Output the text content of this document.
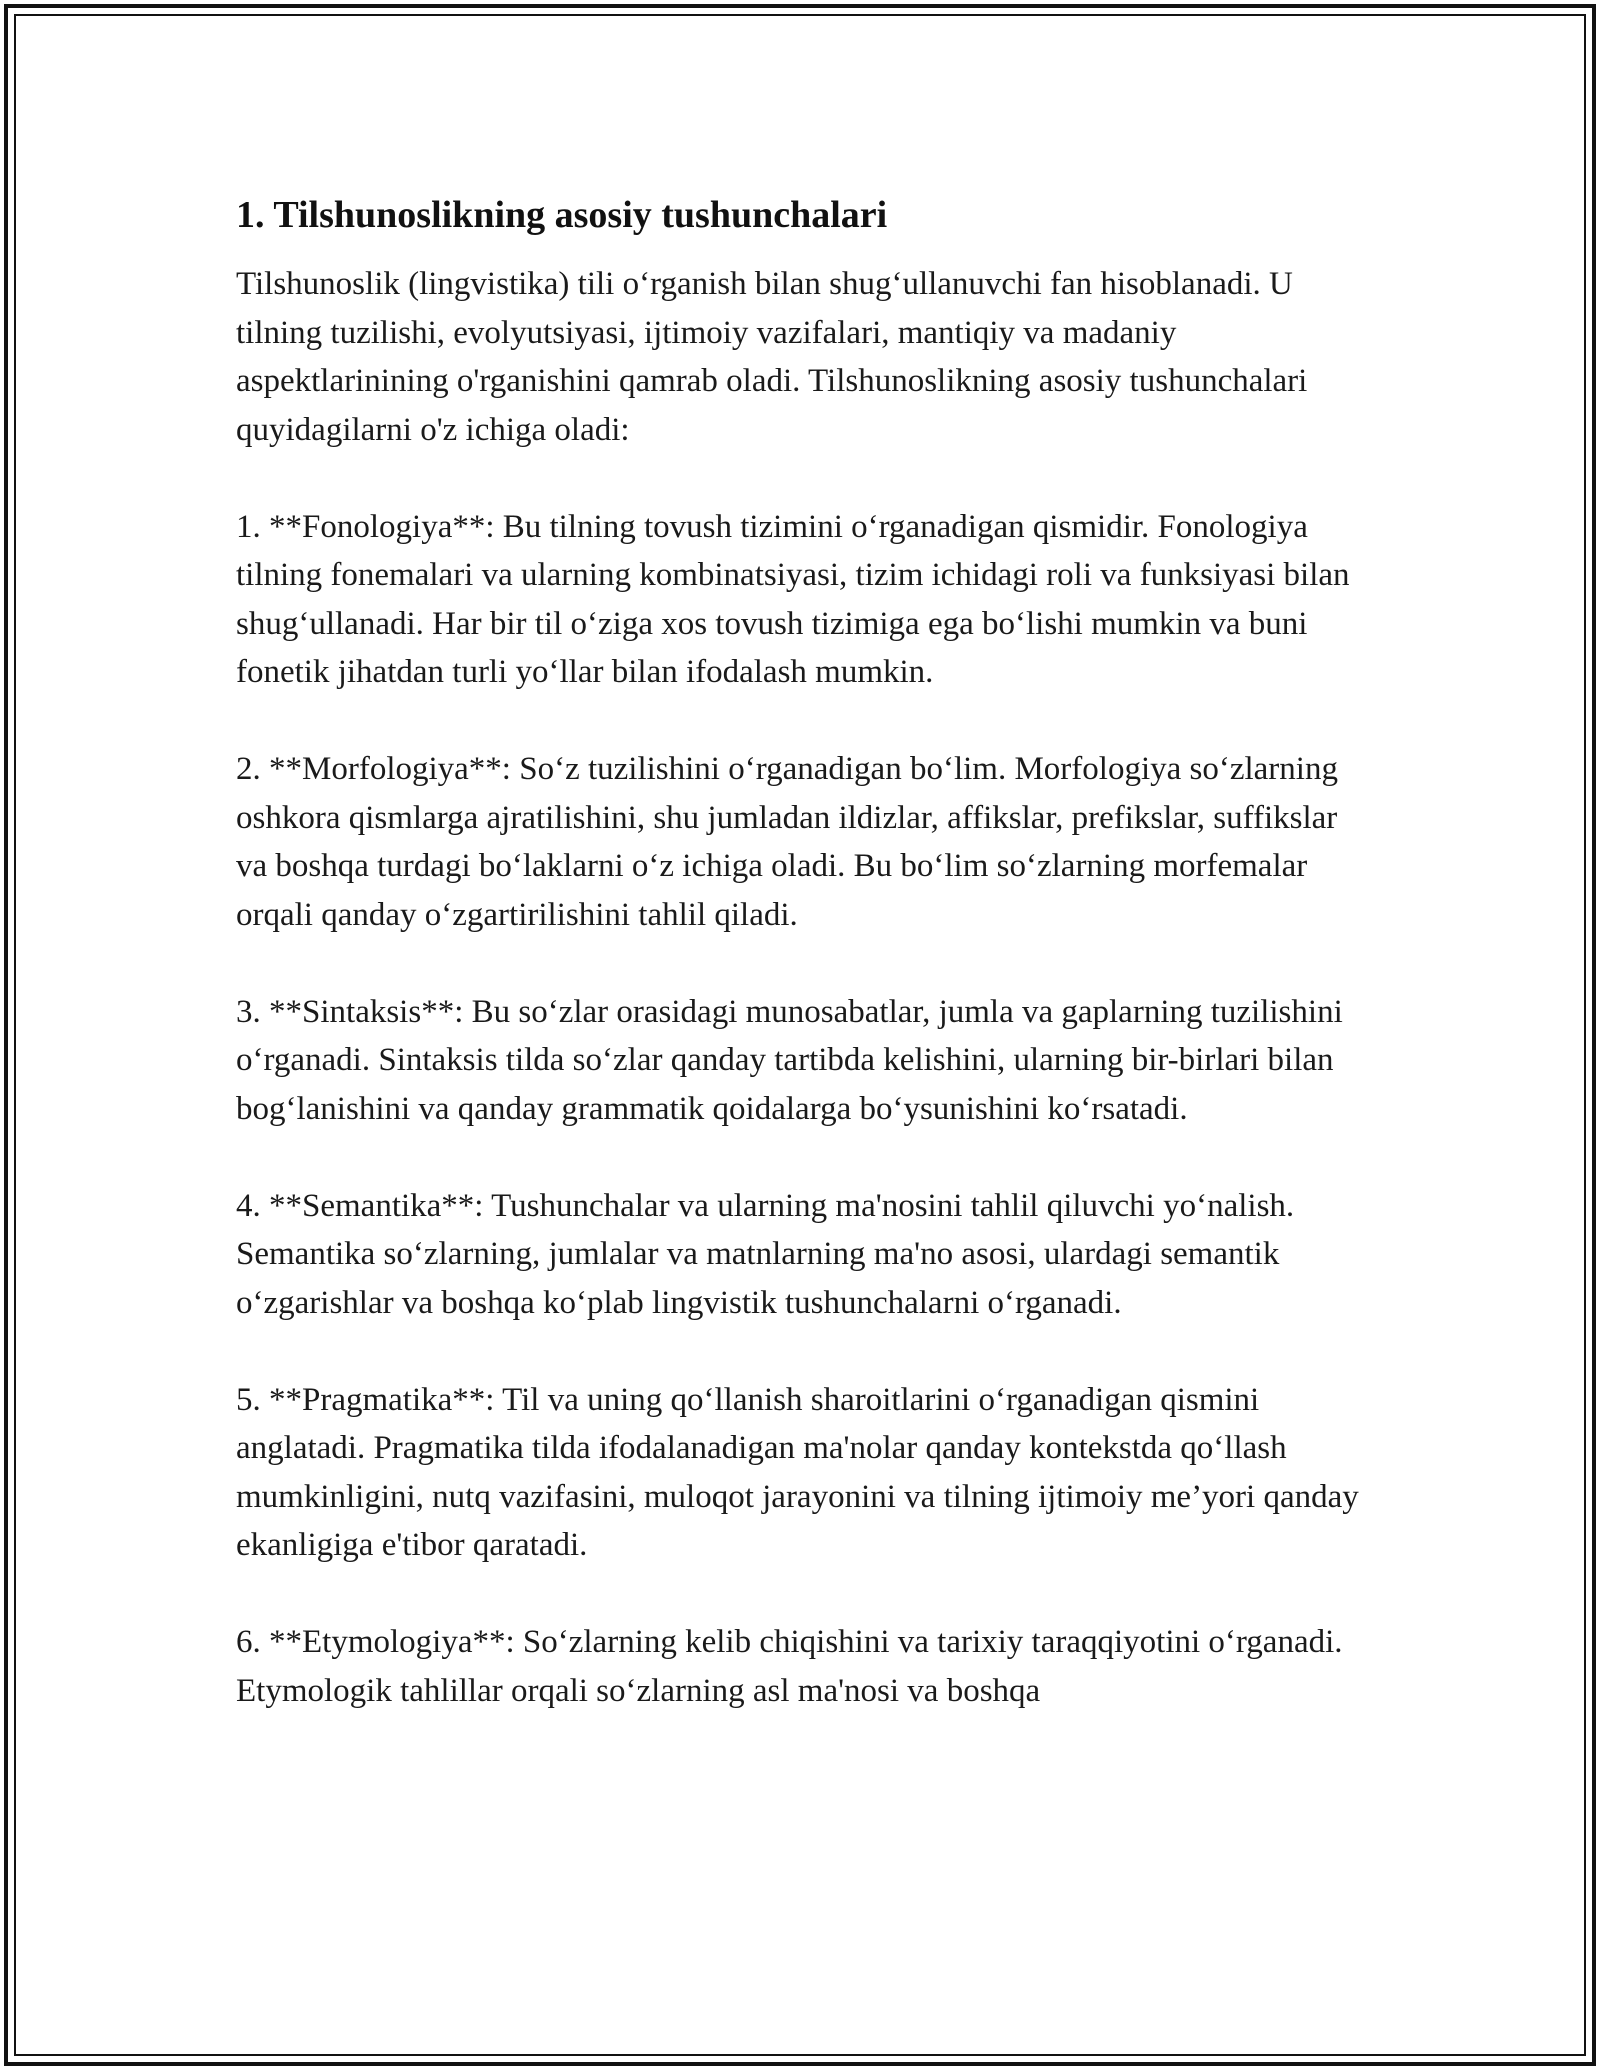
1. Tilshunoslikning asosiy tushunchalari

Tilshunoslik (lingvistika) tili oʻrganish bilan shugʻullanuvchi fan hisoblanadi. U tilning tuzilishi, evolyutsiyasi, ijtimoiy vazifalari, mantiqiy va madaniy aspektlarinining o'rganishini qamrab oladi. Tilshunoslikning asosiy tushunchalari quyidagilarni o'z ichiga oladi:

1. **Fonologiya**: Bu tilning tovush tizimini oʻrganadigan qismidir. Fonologiya tilning fonemalari va ularning kombinatsiyasi, tizim ichidagi roli va funksiyasi bilan shugʻullanadi. Har bir til oʻziga xos tovush tizimiga ega boʻlishi mumkin va buni fonetik jihatdan turli yoʻllar bilan ifodalash mumkin.

2. **Morfologiya**: Soʻz tuzilishini oʻrganadigan boʻlim. Morfologiya soʻzlarning oshkora qismlarga ajratilishini, shu jumladan ildizlar, affikslar, prefikslar, suffikslar va boshqa turdagi boʻlaklarni oʻz ichiga oladi. Bu boʻlim soʻzlarning morfemalar orqali qanday oʻzgartirilishini tahlil qiladi.

3. **Sintaksis**: Bu soʻzlar orasidagi munosabatlar, jumla va gaplarning tuzilishini oʻrganadi. Sintaksis tilda soʻzlar qanday tartibda kelishini, ularning bir-birlari bilan bogʻlanishini va qanday grammatik qoidalarga boʻysunishini koʻrsatadi.

4. **Semantika**: Tushunchalar va ularning ma'nosini tahlil qiluvchi yoʻnalish. Semantika soʻzlarning, jumlalar va matnlarning ma'no asosi, ulardagi semantik oʻzgarishlar va boshqa koʻplab lingvistik tushunchalarni oʻrganadi.

5. **Pragmatika**: Til va uning qoʻllanish sharoitlarini oʻrganadigan qismini anglatadi. Pragmatika tilda ifodalanadigan ma'nolar qanday kontekstda qoʻllash mumkinligini, nutq vazifasini, muloqot jarayonini va tilning ijtimoiy me’yori qanday ekanligiga e'tibor qaratadi.

6. **Etymologiya**: Soʻzlarning kelib chiqishini va tarixiy taraqqiyotini oʻrganadi. Etymologik tahlillar orqali soʻzlarning asl ma'nosi va boshqa
